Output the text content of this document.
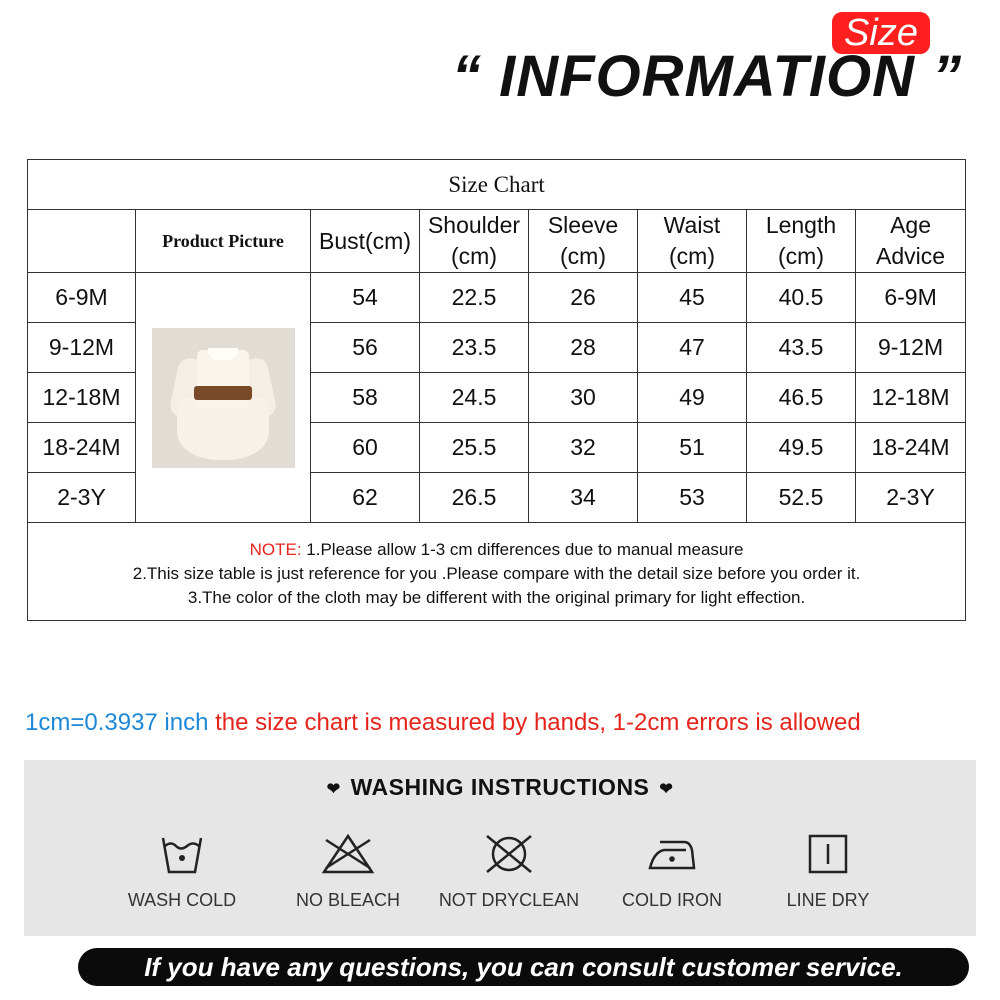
Size
“ INFORMATION ”
Size Chart							
	Product Picture	Bust(cm)	Shoulder (cm)	Sleeve (cm)	Waist (cm)	Length (cm)	Age Advice
6-9M		54	22.5	26	45	40.5	6-9M
9-12M		56	23.5	28	47	43.5	9-12M
12-18M		58	24.5	30	49	46.5	12-18M
18-24M		60	25.5	32	51	49.5	18-24M
2-3Y		62	26.5	34	53	52.5	2-3Y

NOTE: 1.Please allow 1-3 cm differences due to manual measure
2.This size table is just reference for you .Please compare with the detail size before you order it.
3.The color of the cloth may be different with the original primary for light effection.							
1cm=0.3937 inch the size chart is measured by hands, 1-2cm errors is allowed
❤ WASHING INSTRUCTIONS ❤
WASH COLD	NO BLEACH	NOT DRYCLEAN	COLD IRON	LINE DRY
If you have any questions, you can consult customer service.
